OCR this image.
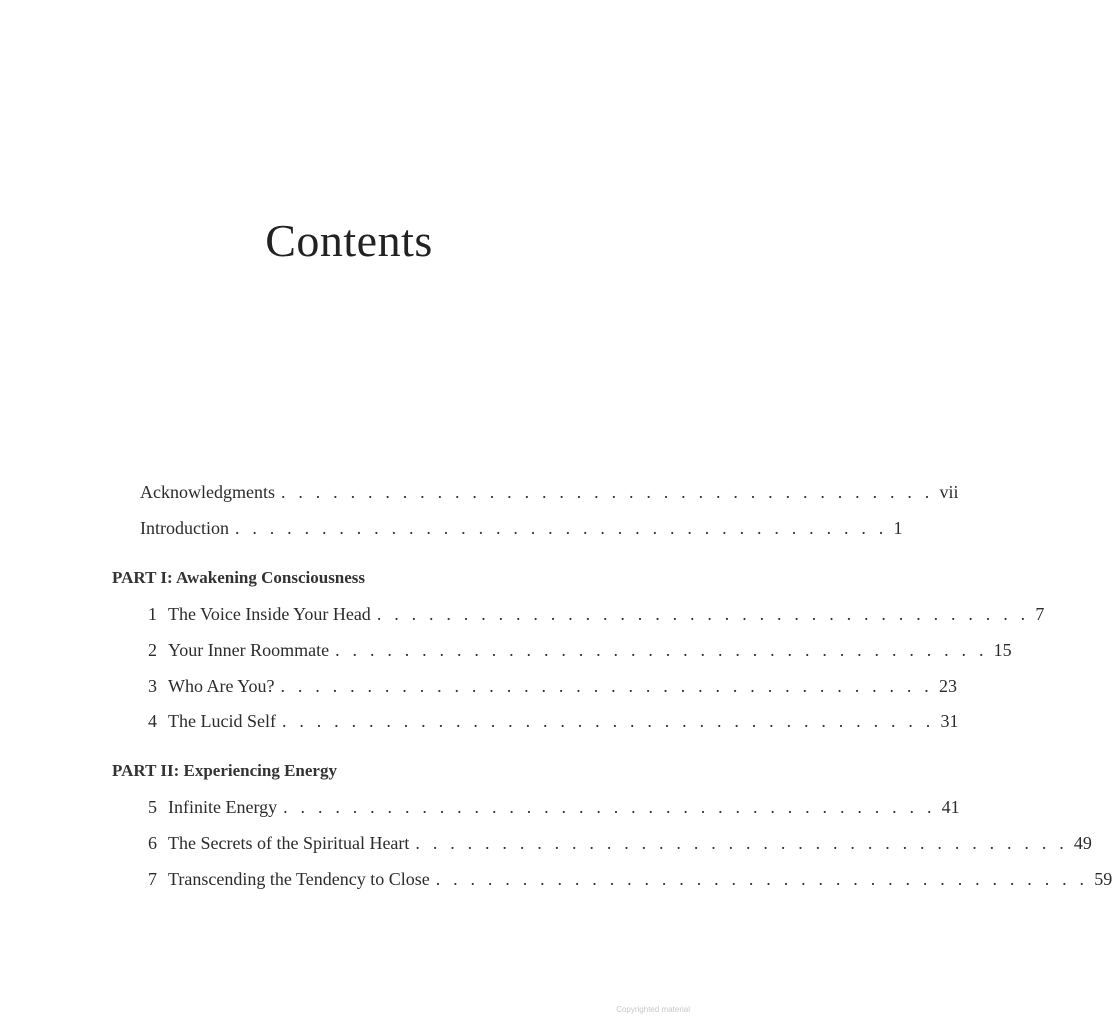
Contents
Acknowledgments . . . . . . . . . . . . . . . . . . . . . . . . . . . . . . . . . . . . . . vii
Introduction . . . . . . . . . . . . . . . . . . . . . . . . . . . . . . . . . . . . . . 1
PART I: Awakening Consciousness
1 The Voice Inside Your Head . . . . . . . . . . . . . . . . . . . . . . . . . . . . . . . . . . . . . . 7
2 Your Inner Roommate . . . . . . . . . . . . . . . . . . . . . . . . . . . . . . . . . . . . . . 15
3 Who Are You? . . . . . . . . . . . . . . . . . . . . . . . . . . . . . . . . . . . . . . 23
4 The Lucid Self . . . . . . . . . . . . . . . . . . . . . . . . . . . . . . . . . . . . . . 31
PART II: Experiencing Energy
5 Infinite Energy . . . . . . . . . . . . . . . . . . . . . . . . . . . . . . . . . . . . . . 41
6 The Secrets of the Spiritual Heart . . . . . . . . . . . . . . . . . . . . . . . . . . . . . . . . . . . . . . 49
7 Transcending the Tendency to Close . . . . . . . . . . . . . . . . . . . . . . . . . . . . . . . . . . . . . . 59
Copyrighted material
